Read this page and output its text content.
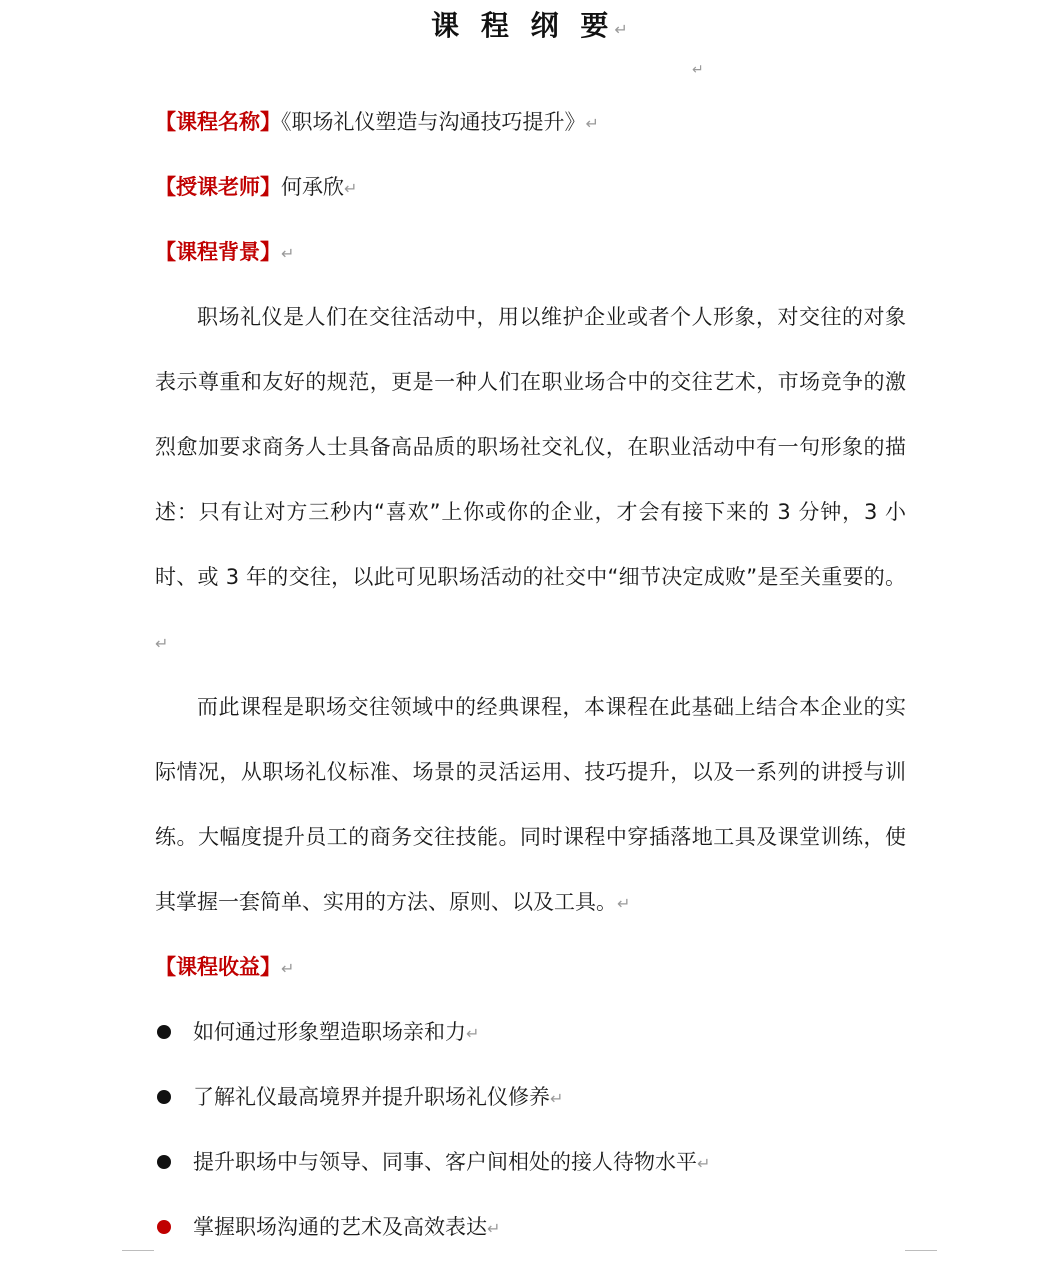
课 程 纲 要↵
↵
【课程名称】《职场礼仪塑造与沟通技巧提升》↵
【授课老师】何承欣↵
【课程背景】↵
职场礼仪是人们在交往活动中，用以维护企业或者个人形象，对交往的对象表示尊重和友好的规范，更是一种人们在职业场合中的交往艺术，市场竞争的激烈愈加要求商务人士具备高品质的职场社交礼仪，在职业活动中有一句形象的描述：只有让对方三秒内“喜欢”上你或你的企业，才会有接下来的 3 分钟，3 小时、或 3 年的交往，以此可见职场活动的社交中“细节决定成败”是至关重要的。↵
而此课程是职场交往领域中的经典课程，本课程在此基础上结合本企业的实际情况，从职场礼仪标准、场景的灵活运用、技巧提升，以及一系列的讲授与训练。大幅度提升员工的商务交往技能。同时课程中穿插落地工具及课堂训练，使其掌握一套简单、实用的方法、原则、以及工具。↵
【课程收益】↵
如何通过形象塑造职场亲和力↵
了解礼仪最高境界并提升职场礼仪修养↵
提升职场中与领导、同事、客户间相处的接人待物水平↵
掌握职场沟通的艺术及高效表达↵
